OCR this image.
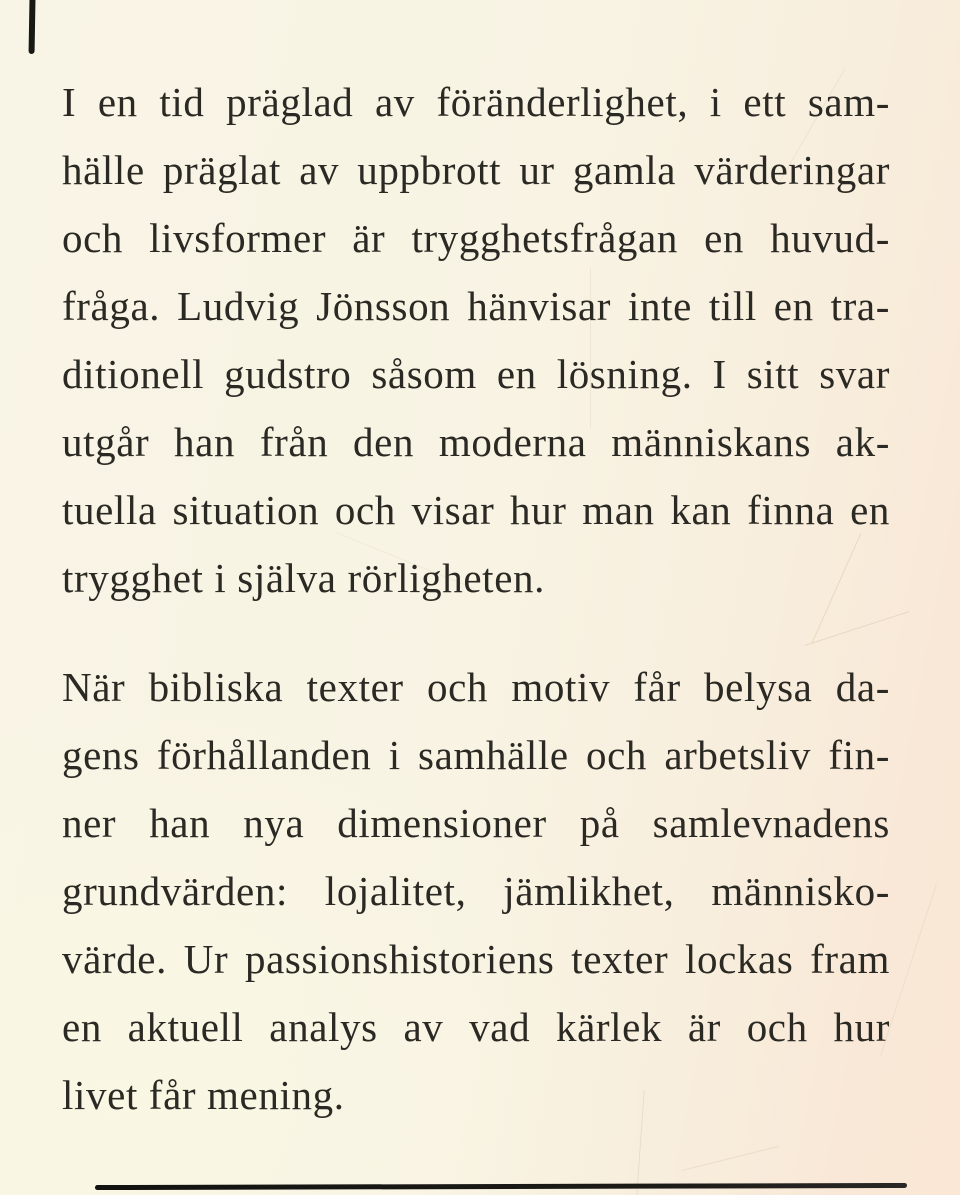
I en tid präglad av föränderlighet, i ett sam-
hälle präglat av uppbrott ur gamla värderingar
och livsformer är trygghetsfrågan en huvud-
fråga. Ludvig Jönsson hänvisar inte till en tra-
ditionell gudstro såsom en lösning. I sitt svar
utgår han från den moderna människans ak-
tuella situation och visar hur man kan finna en
trygghet i själva rörligheten.
När bibliska texter och motiv får belysa da-
gens förhållanden i samhälle och arbetsliv fin-
ner han nya dimensioner på samlevnadens
grundvärden: lojalitet, jämlikhet, människo-
värde. Ur passionshistoriens texter lockas fram
en aktuell analys av vad kärlek är och hur
livet får mening.
